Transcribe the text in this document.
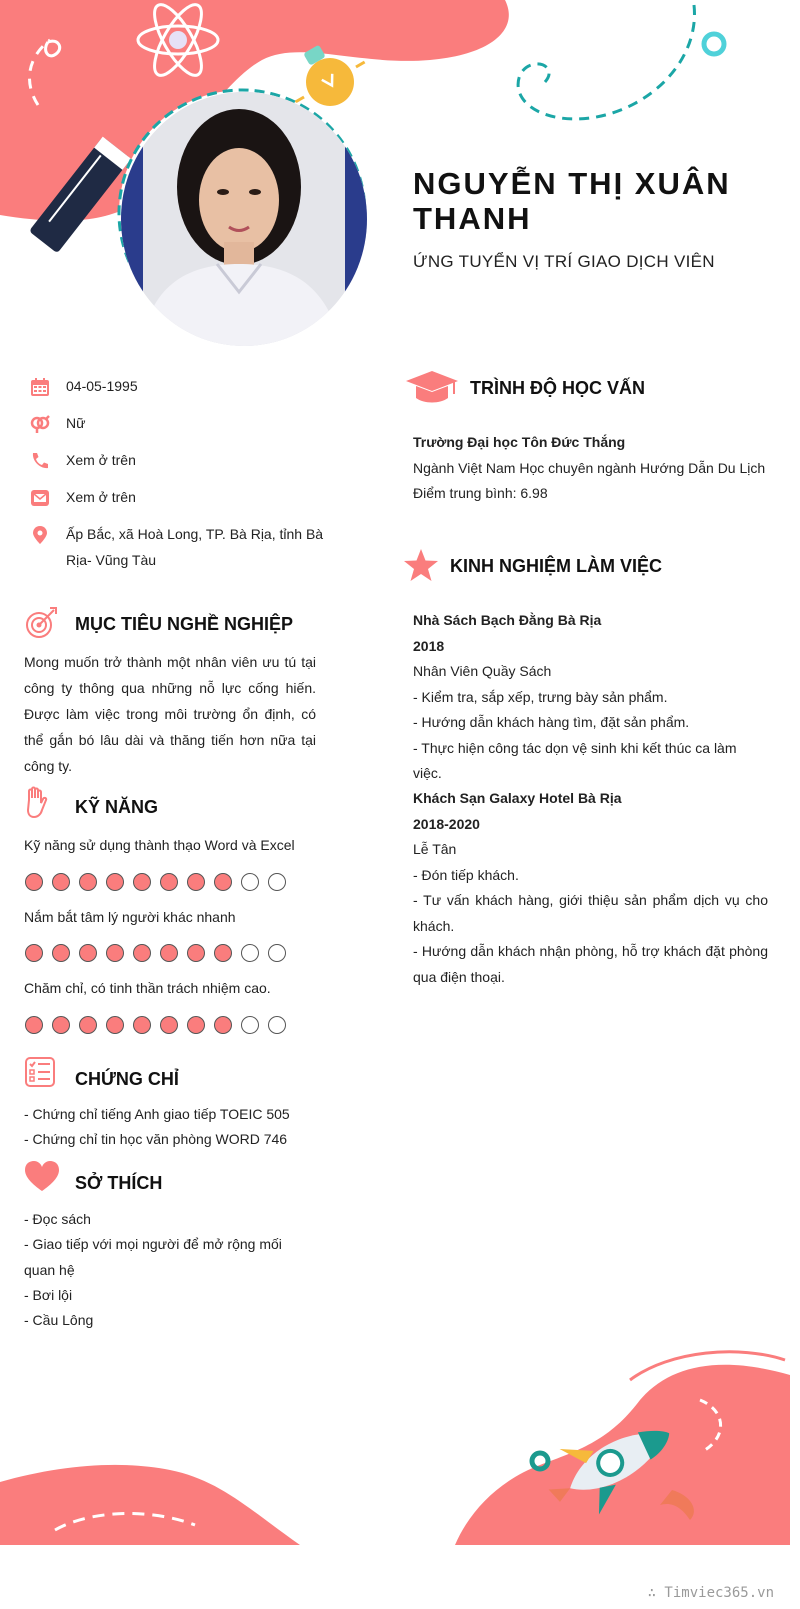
NGUYỄN THỊ XUÂN THANH
ỨNG TUYỂN VỊ TRÍ GIAO DỊCH VIÊN
04-05-1995
Nữ
Xem ở trên
Xem ở trên
Ấp Bắc, xã Hoà Long, TP. Bà Rịa, tỉnh Bà Rịa- Vũng Tàu
MỤC TIÊU NGHỀ NGHIỆP
Mong muốn trở thành một nhân viên ưu tú tại công ty thông qua những nỗ lực cống hiến. Được làm việc trong môi trường ổn định, có thể gắn bó lâu dài và thăng tiến hơn nữa tại công ty.
KỸ NĂNG
Kỹ năng sử dụng thành thạo Word và Excel
Nắm bắt tâm lý người khác nhanh
Chăm chỉ, có tinh thần trách nhiệm cao.
CHỨNG CHỈ
- Chứng chỉ tiếng Anh giao tiếp TOEIC 505
- Chứng chỉ tin học văn phòng WORD 746
SỞ THÍCH
- Đọc sách
- Giao tiếp với mọi người để mở rộng mối quan hệ
- Bơi lội
- Cầu Lông
TRÌNH ĐỘ HỌC VẤN
Trường Đại học Tôn Đức Thắng
Ngành Việt Nam Học chuyên ngành Hướng Dẫn Du Lịch
Điểm trung bình: 6.98
KINH NGHIỆM LÀM VIỆC
Nhà Sách Bạch Đằng Bà Rịa
2018
Nhân Viên Quầy Sách
- Kiểm tra, sắp xếp, trưng bày sản phẩm.
- Hướng dẫn khách hàng tìm, đặt sản phẩm.
- Thực hiện công tác dọn vệ sinh khi kết thúc ca làm việc.
Khách Sạn Galaxy Hotel Bà Rịa
2018-2020
Lễ Tân
- Đón tiếp khách.
- Tư vấn khách hàng, giới thiệu sản phẩm dịch vụ cho khách.
- Hướng dẫn khách nhận phòng, hỗ trợ khách đặt phòng qua điện thoại.
∴ Timviec365.vn
